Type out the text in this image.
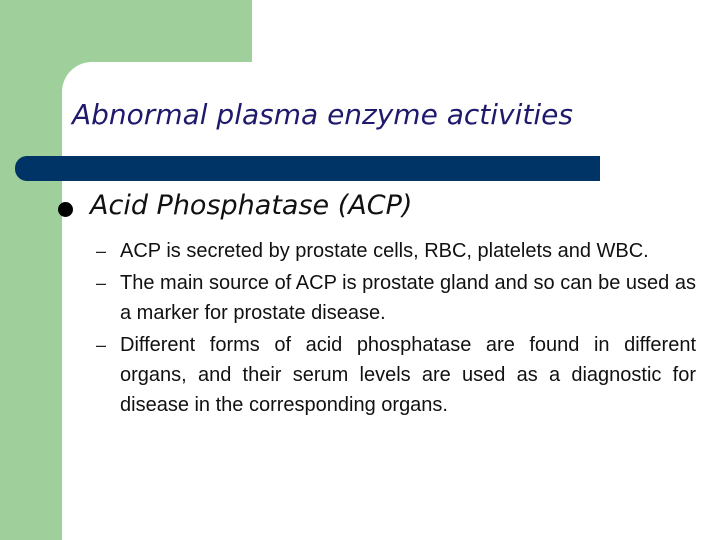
Abnormal plasma enzyme activities
Acid Phosphatase (ACP)
– ACP is secreted by prostate cells, RBC, platelets and WBC.
– The main source of ACP is prostate gland and so can be used as a marker for prostate disease.
– Different forms of acid phosphatase are found in different organs, and their serum levels are used as a diagnostic for disease in the corresponding organs.
